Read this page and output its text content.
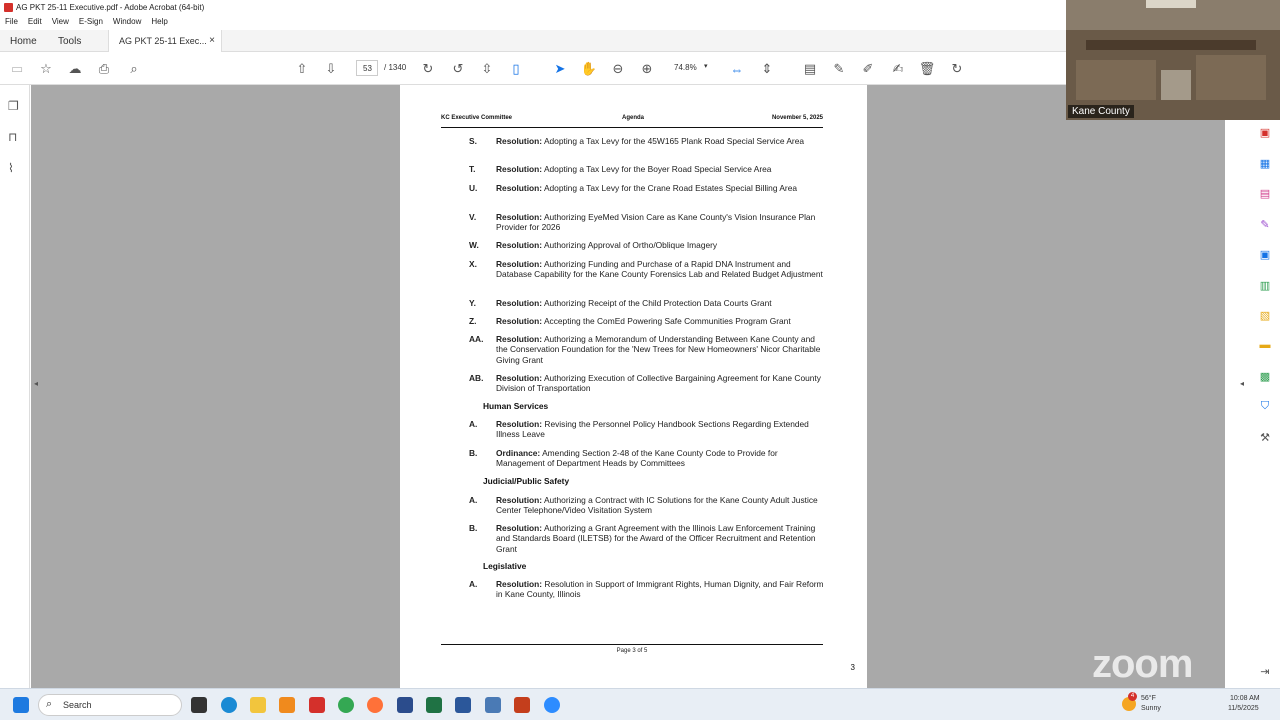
AG PKT 25-11 Executive.pdf - Adobe Acrobat (64-bit)
File Edit View E-Sign Window Help
Home Tools	AG PKT 25-11 Exec... ×
▭ ☆ ☁ ⎙	⌕	⇧ ⇩	↻ ↺ ⇳	▯	➤ ✋ ⊖ ⊕	⇔ ⇕ ▤ ✎ ✐ ✍ 🗑 ↻
53	/ 1340	74.8% ▾
❐
⊓
⌇
◂	◂
KC Executive Committee	Agenda	November 5, 2025
S. Resolution: Adopting a Tax Levy for the 45W165 Plank Road Special Service Area
T. Resolution: Adopting a Tax Levy for the Boyer Road Special Service Area
U. Resolution: Adopting a Tax Levy for the Crane Road Estates Special Billing Area
V. Resolution: Authorizing EyeMed Vision Care as Kane County's Vision Insurance Plan Provider for 2026
W. Resolution: Authorizing Approval of Ortho/Oblique Imagery
X. Resolution: Authorizing Funding and Purchase of a Rapid DNA Instrument and Database Capability for the Kane County Forensics Lab and Related Budget Adjustment
Y. Resolution: Authorizing Receipt of the Child Protection Data Courts Grant
Z. Resolution: Accepting the ComEd Powering Safe Communities Program Grant
AA. Resolution: Authorizing a Memorandum of Understanding Between Kane County and the Conservation Foundation for the 'New Trees for New Homeowners' Nicor Charitable Giving Grant
AB. Resolution: Authorizing Execution of Collective Bargaining Agreement for Kane County Division of Transportation
Human Services
A. Resolution: Revising the Personnel Policy Handbook Sections Regarding Extended Illness Leave
B. Ordinance: Amending Section 2-48 of the Kane County Code to Provide for Management of Department Heads by Committees
Judicial/Public Safety
A. Resolution: Authorizing a Contract with IC Solutions for the Kane County Adult Justice Center Telephone/Video Visitation System
B. Resolution: Authorizing a Grant Agreement with the Illinois Law Enforcement Training and Standards Board (ILETSB) for the Award of the Officer Recruitment and Retention Grant
Legislative
A. Resolution: Resolution in Support of Immigrant Rights, Human Dignity, and Fair Reform in Kane County, Illinois
Page 3 of 5
3
▣
▦
▤
✎
▣
▥
▧
▬
▩
⛉
⚒
⇥
Kane County
zoom
⌕ Search
4 56°F
Sunny
10:08 AM
11/5/2025
